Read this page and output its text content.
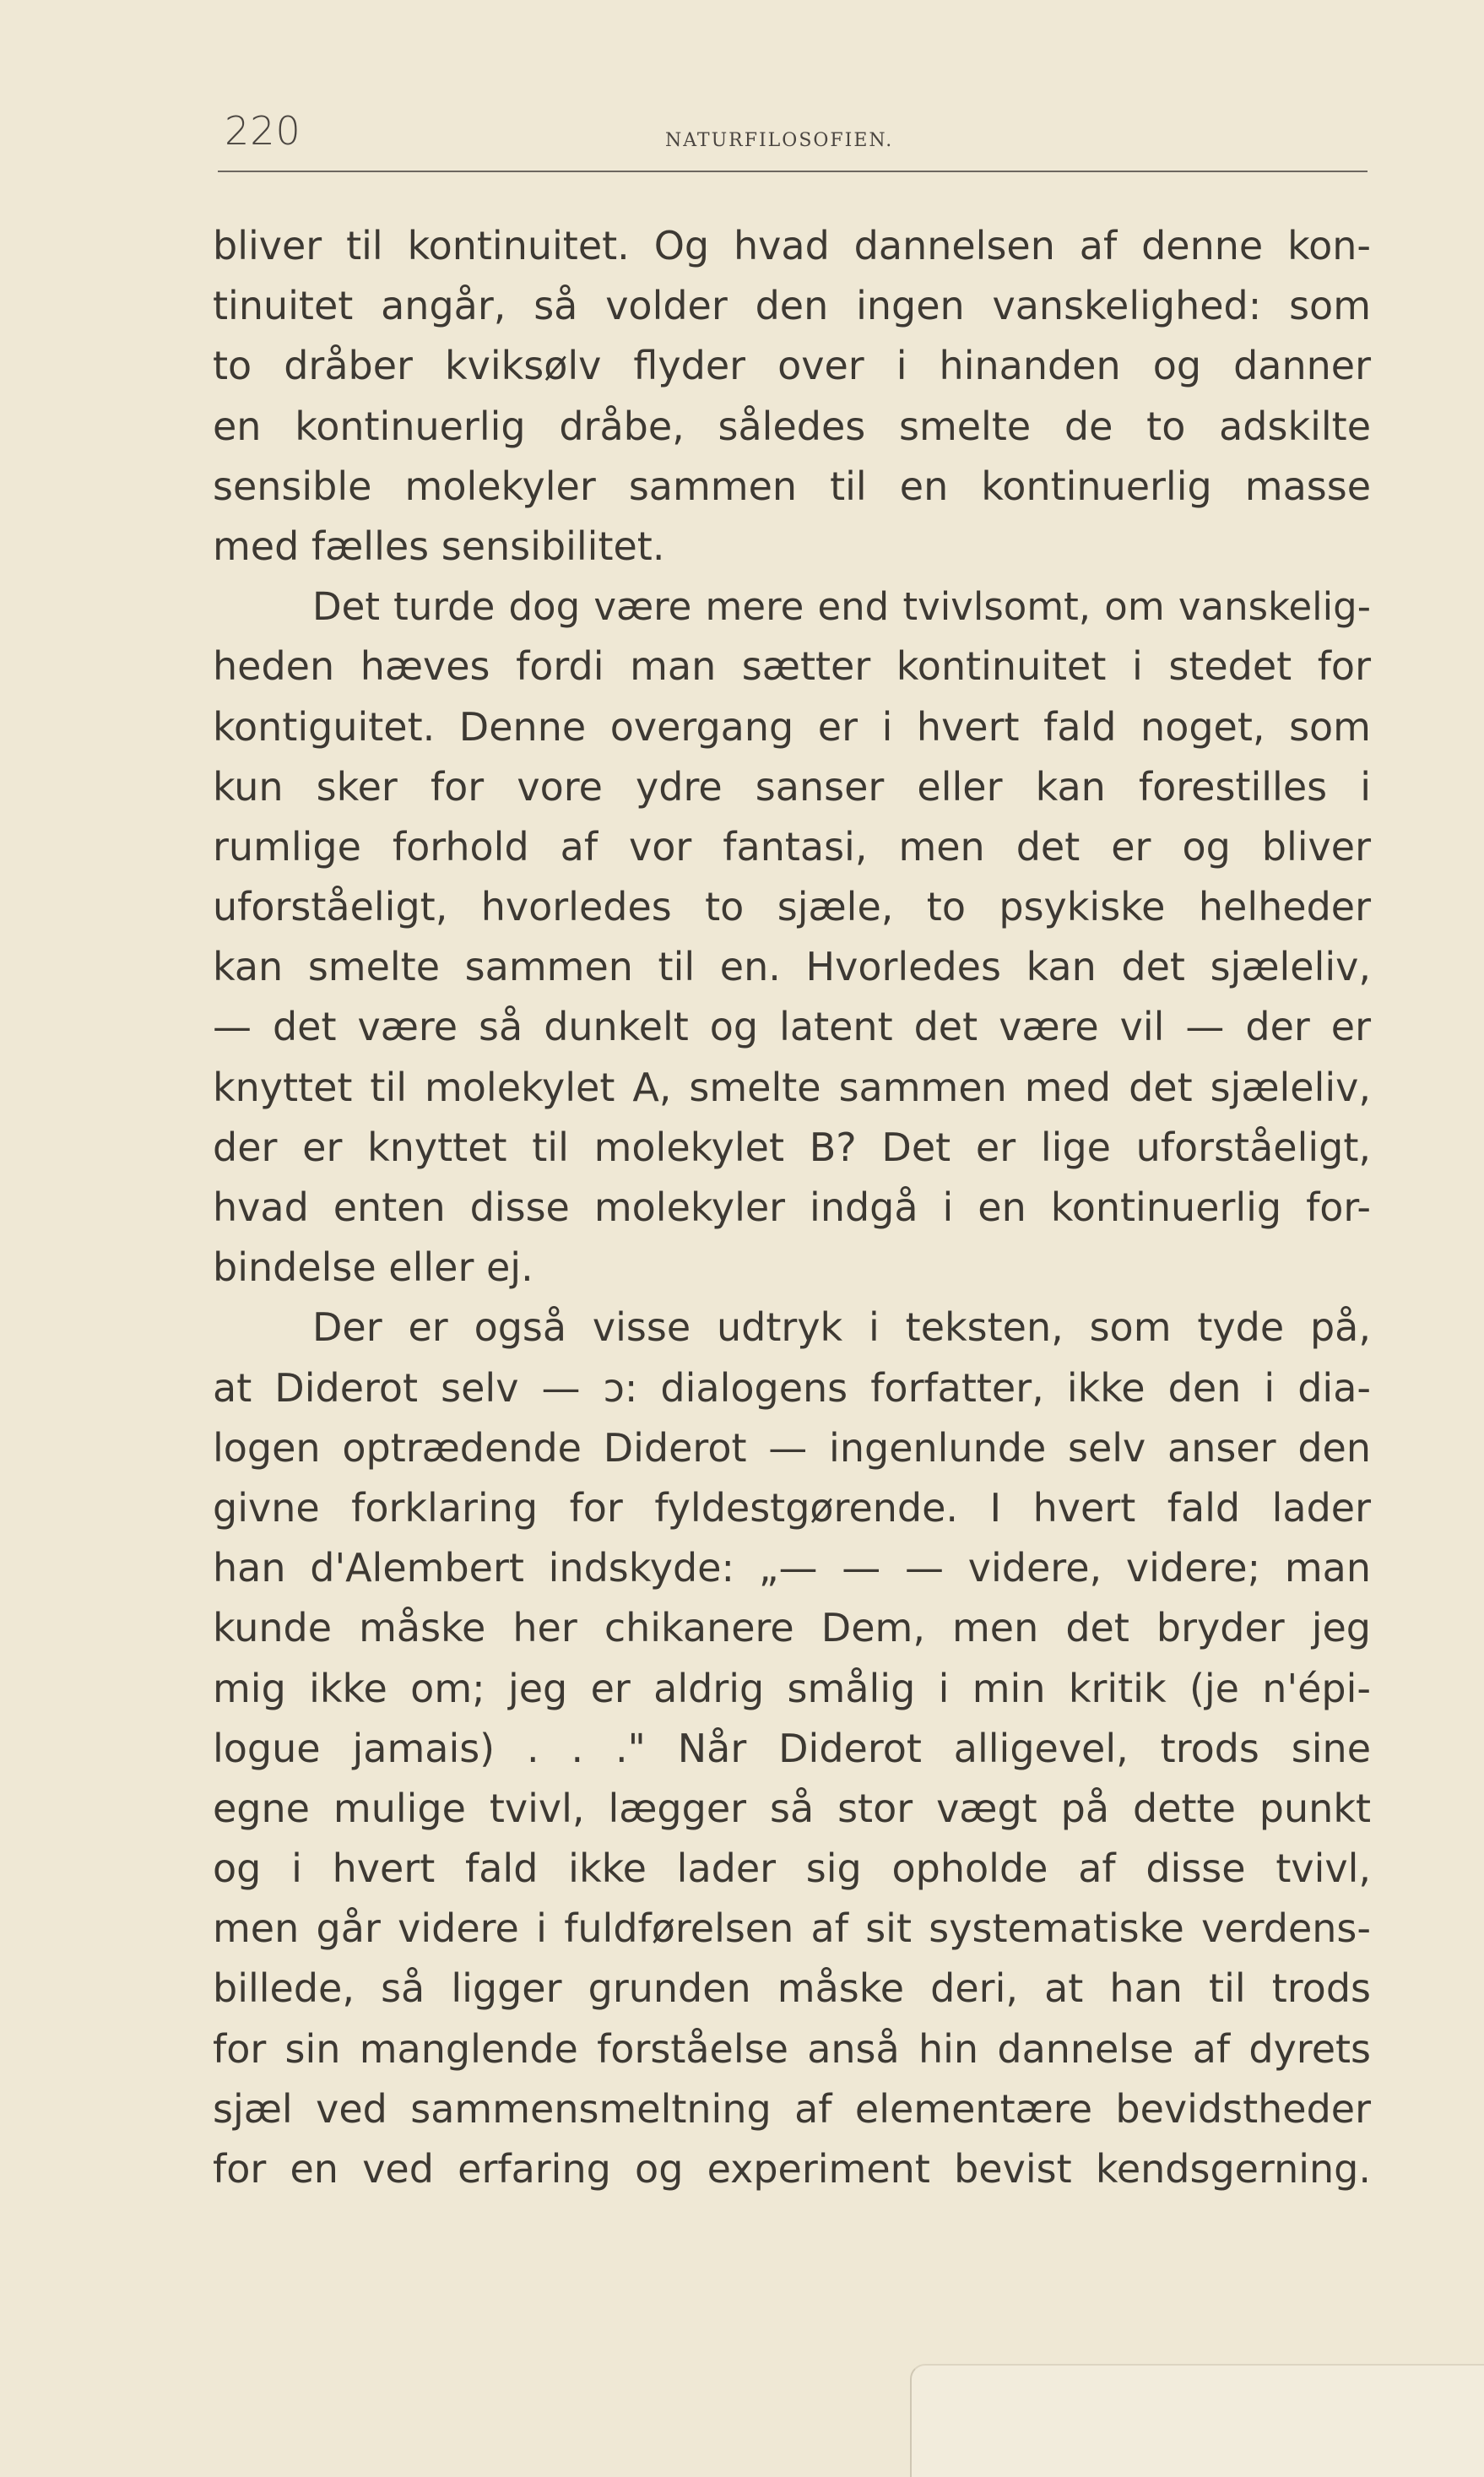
220	NATURFILOSOFIEN.
bliver til kontinuitet. Og hvad dannelsen af denne kon-
tinuitet angår, så volder den ingen vanskelighed: som
to dråber kviksølv flyder over i hinanden og danner
en kontinuerlig dråbe, således smelte de to adskilte
sensible molekyler sammen til en kontinuerlig masse
med fælles sensibilitet.
Det turde dog være mere end tvivlsomt, om vanskelig-
heden hæves fordi man sætter kontinuitet i stedet for
kontiguitet. Denne overgang er i hvert fald noget, som
kun sker for vore ydre sanser eller kan forestilles i
rumlige forhold af vor fantasi, men det er og bliver
uforståeligt, hvorledes to sjæle, to psykiske helheder
kan smelte sammen til en. Hvorledes kan det sjæleliv,
— det være så dunkelt og latent det være vil — der er
knyttet til molekylet A, smelte sammen med det sjæleliv,
der er knyttet til molekylet B? Det er lige uforståeligt,
hvad enten disse molekyler indgå i en kontinuerlig for-
bindelse eller ej.
Der er også visse udtryk i teksten, som tyde på,
at Diderot selv — ɔ: dialogens forfatter, ikke den i dia-
logen optrædende Diderot — ingenlunde selv anser den
givne forklaring for fyldestgørende. I hvert fald lader
han d'Alembert indskyde: „— — — videre, videre; man
kunde måske her chikanere Dem, men det bryder jeg
mig ikke om; jeg er aldrig smålig i min kritik (je n'épi-
logue jamais) . . ." Når Diderot alligevel, trods sine
egne mulige tvivl, lægger så stor vægt på dette punkt
og i hvert fald ikke lader sig opholde af disse tvivl,
men går videre i fuldførelsen af sit systematiske verdens-
billede, så ligger grunden måske deri, at han til trods
for sin manglende forståelse anså hin dannelse af dyrets
sjæl ved sammensmeltning af elementære bevidstheder
for en ved erfaring og experiment bevist kendsgerning.
